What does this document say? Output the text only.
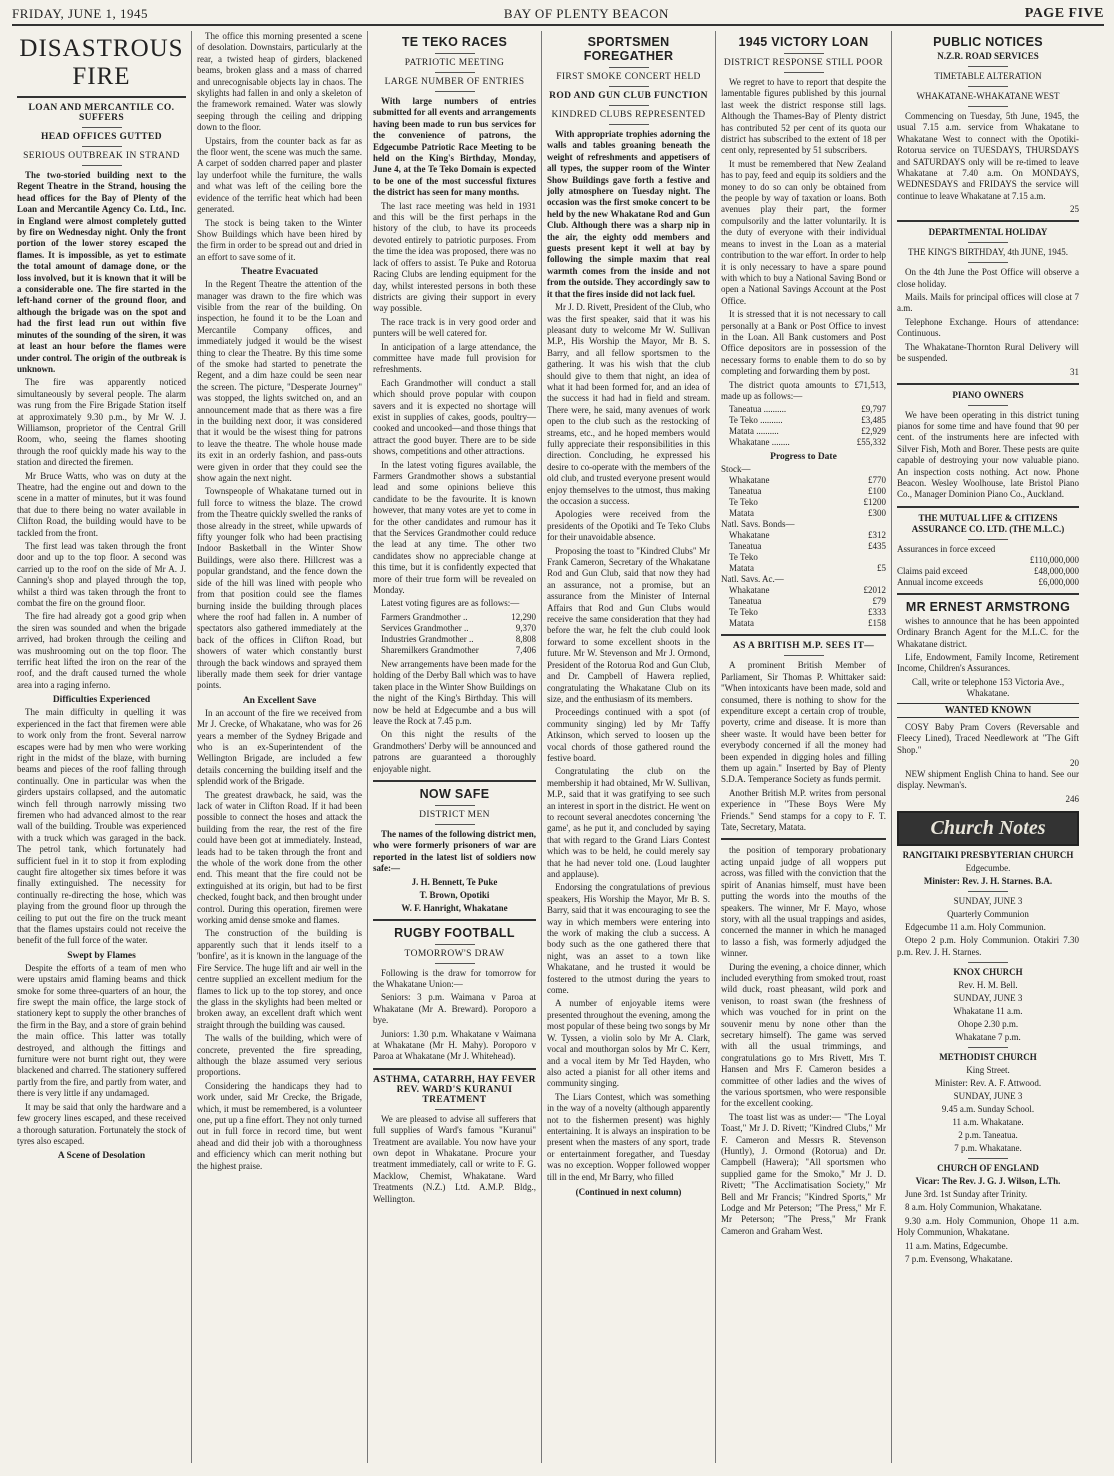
FRIDAY, JUNE 1, 1945	BAY OF PLENTY BEACON	PAGE FIVE
DISASTROUS FIRE
LOAN AND MERCANTILE CO. SUFFERS
HEAD OFFICES GUTTED
SERIOUS OUTBREAK IN STRAND

The two-storied building next to the Regent Theatre in the Strand, housing the head offices for the Bay of Plenty of the Loan and Mercantile Agency Co. Ltd., Inc. in England were almost completely gutted by fire on Wednesday night. Only the front portion of the lower storey escaped the flames. It is impossible, as yet to estimate the total amount of damage done, or the loss involved, but it is known that it will be a considerable one. The fire started in the left-hand corner of the ground floor, and although the brigade was on the spot and had the first lead run out within five minutes of the sounding of the siren, it was at least an hour before the flames were under control. The origin of the outbreak is unknown.

The fire was apparently noticed simultaneously by several people. The alarm was rung from the Fire Brigade Station itself at approximately 9.30 p.m., by Mr W. J. Williamson, proprietor of the Central Grill Room, who, seeing the flames shooting through the roof quickly made his way to the station and directed the firemen.

Mr Bruce Watts, who was on duty at the Theatre, had the engine out and down to the scene in a matter of minutes, but it was found that due to there being no water available in Clifton Road, the building would have to be tackled from the front.

The first lead was taken through the front door and up to the top floor. A second was carried up to the roof on the side of Mr A. J. Canning's shop and played through the top, whilst a third was taken through the front to combat the fire on the ground floor.

The fire had already got a good grip when the siren was sounded and when the brigade arrived, had broken through the ceiling and was mushrooming out on the top floor. The terrific heat lifted the iron on the rear of the roof, and the draft caused turned the whole area into a raging inferno.

Difficulties Experienced

The main difficulty in quelling it was experienced in the fact that firemen were able to work only from the front. Several narrow escapes were had by men who were working right in the midst of the blaze, with burning beams and pieces of the roof falling through continually. One in particular was when the girders upstairs collapsed, and the automatic winch fell through narrowly missing two firemen who had advanced almost to the rear wall of the building. Trouble was experienced with a truck which was garaged in the back. The petrol tank, which fortunately had sufficient fuel in it to stop it from exploding caught fire altogether six times before it was finally extinguished. The necessity for continually re-directing the hose, which was playing from the ground floor up through the ceiling to put out the fire on the truck meant that the flames upstairs could not receive the benefit of the full force of the water.

Swept by Flames

Despite the efforts of a team of men who were upstairs amid flaming beams and thick smoke for some three-quarters of an hour, the fire swept the main office, the large stock of stationery kept to supply the other branches of the firm in the Bay, and a store of grain behind the main office. This latter was totally destroyed, and although the fittings and furniture were not burnt right out, they were blackened and charred. The stationery suffered partly from the fire, and partly from water, and there is very little if any undamaged.

It may be said that only the hardware and a few grocery lines escaped, and these received a thorough saturation. Fortunately the stock of tyres also escaped.

A Scene of Desolation

The office this morning presented a scene of desolation. Downstairs, particularly at the rear, a twisted heap of girders, blackened beams, broken glass and a mass of charred and unrecognisable objects lay in chaos. The skylights had fallen in and only a skeleton of the framework remained. Water was slowly seeping through the ceiling and dripping down to the floor.

Upstairs, from the counter back as far as the floor went, the scene was much the same. A carpet of sodden charred paper and plaster lay underfoot while the furniture, the walls and what was left of the ceiling bore the evidence of the terrific heat which had been generated.

The stock is being taken to the Winter Show Buildings which have been hired by the firm in order to be spread out and dried in an effort to save some of it.

Theatre Evacuated

In the Regent Theatre the attention of the manager was drawn to the fire which was visible from the rear of the building. On inspection, he found it to be the Loan and Mercantile Company offices, and immediately judged it would be the wisest thing to clear the Theatre. By this time some of the smoke had started to penetrate the Regent, and a dim haze could be seen near the screen. The picture, "Desperate Journey" was stopped, the lights switched on, and an announcement made that as there was a fire in the building next door, it was considered that it would be the wisest thing for patrons to leave the theatre. The whole house made its exit in an orderly fashion, and pass-outs were given in order that they could see the show again the next night.

Townspeople of Whakatane turned out in full force to witness the blaze. The crowd from the Theatre quickly swelled the ranks of those already in the street, while upwards of fifty younger folk who had been practising Indoor Basketball in the Winter Show Buildings, were also there. Hillcrest was a popular grandstand, and the fence down the side of the hill was lined with people who from that position could see the flames burning inside the building through places where the roof had fallen in. A number of spectators also gathered immediately at the back of the offices in Clifton Road, but showers of water which constantly burst through the back windows and sprayed them liberally made them seek for drier vantage points.

An Excellent Save

In an account of the fire we received from Mr J. Crecke, of Whakatane, who was for 26 years a member of the Sydney Brigade and who is an ex-Superintendent of the Wellington Brigade, are included a few details concerning the building itself and the splendid work of the Brigade.

The greatest drawback, he said, was the lack of water in Clifton Road. If it had been possible to connect the hoses and attack the building from the rear, the rest of the fire could have been got at immediately. Instead, leads had to be taken through the front and the whole of the work done from the other end. This meant that the fire could not be extinguished at its origin, but had to be first checked, fought back, and then brought under control. During this operation, firemen were working amid dense smoke and flames.

The construction of the building is apparently such that it lends itself to a 'bonfire', as it is known in the language of the Fire Service. The huge lift and air well in the centre supplied an excellent medium for the flames to lick up to the top storey, and once the glass in the skylights had been melted or broken away, an excellent draft which went straight through the building was caused.

The walls of the building, which were of concrete, prevented the fire spreading, although the blaze assumed very serious proportions.

Considering the handicaps they had to work under, said Mr Crecke, the Brigade, which, it must be remembered, is a volunteer one, put up a fine effort. They not only turned out in full force in record time, but went ahead and did their job with a thoroughness and efficiency which can merit nothing but the highest praise.

TE TEKO RACES
PATRIOTIC MEETING
LARGE NUMBER OF ENTRIES

With large numbers of entries submitted for all events and arrangements having been made to run bus services for the convenience of patrons, the Edgecumbe Patriotic Race Meeting to be held on the King's Birthday, Monday, June 4, at the Te Teko Domain is expected to be one of the most successful fixtures the district has seen for many months.

The last race meeting was held in 1931 and this will be the first perhaps in the history of the club, to have its proceeds devoted entirely to patriotic purposes. From the time the idea was proposed, there was no lack of offers to assist. Te Puke and Rotorua Racing Clubs are lending equipment for the day, whilst interested persons in both these districts are giving their support in every way possible.

The race track is in very good order and punters will be well catered for.

In anticipation of a large attendance, the committee have made full provision for refreshments.

Each Grandmother will conduct a stall which should prove popular with coupon savers and it is expected no shortage will exist in supplies of cakes, goods, poultry—cooked and uncooked—and those things that attract the good buyer. There are to be side shows, competitions and other attractions.

In the latest voting figures available, the Farmers Grandmother shows a substantial lead and some opinions believe this candidate to be the favourite. It is known however, that many votes are yet to come in for the other candidates and rumour has it that the Services Grandmother could reduce the lead at any time. The other two candidates show no appreciable change at this time, but it is confidently expected that more of their true form will be revealed on Monday.

Latest voting figures are as follows:—

Farmers Grandmother ..	12,290
Services Grandmother ..	9,370
Industries Grandmother ..	8,808
Sharemilkers Grandmother	7,406

New arrangements have been made for the holding of the Derby Ball which was to have taken place in the Winter Show Buildings on the night of the King's Birthday. This will now be held at Edgecumbe and a bus will leave the Rock at 7.45 p.m.

On this night the results of the Grandmothers' Derby will be announced and patrons are guaranteed a thoroughly enjoyable night.

NOW SAFE
DISTRICT MEN

The names of the following district men, who were formerly prisoners of war are reported in the latest list of soldiers now safe:—

J. H. Bennett, Te Puke
T. Brown, Opotiki
W. F. Hanright, Whakatane
RUGBY FOOTBALL
TOMORROW'S DRAW

Following is the draw for tomorrow for the Whakatane Union:—

Seniors: 3 p.m. Waimana v Paroa at Whakatane (Mr A. Breward). Poroporo a bye.

Juniors: 1.30 p.m. Whakatane v Waimana at Whakatane (Mr H. Mahy). Poroporo v Paroa at Whakatane (Mr J. Whitehead).

ASTHMA, CATARRH, HAY FEVER REV. WARD'S KURANUI TREATMENT

We are pleased to advise all sufferers that full supplies of Ward's famous "Kuranui" Treatment are available. You now have your own depot in Whakatane. Procure your treatment immediately, call or write to F. G. Macklow, Chemist, Whakatane. Ward Treatments (N.Z.) Ltd. A.M.P. Bldg., Wellington.

SPORTSMEN FOREGATHER
FIRST SMOKE CONCERT HELD
ROD AND GUN CLUB FUNCTION
KINDRED CLUBS REPRESENTED

With appropriate trophies adorning the walls and tables groaning beneath the weight of refreshments and appetisers of all types, the supper room of the Winter Show Buildings gave forth a festive and jolly atmosphere on Tuesday night. The occasion was the first smoke concert to be held by the new Whakatane Rod and Gun Club. Although there was a sharp nip in the air, the eighty odd members and guests present kept it well at bay by following the simple maxim that real warmth comes from the inside and not from the outside. They accordingly saw to it that the fires inside did not lack fuel.

Mr J. D. Rivett, President of the Club, who was the first speaker, said that it was his pleasant duty to welcome Mr W. Sullivan M.P., His Worship the Mayor, Mr B. S. Barry, and all fellow sportsmen to the gathering. It was his wish that the club should give to them that night, an idea of what it had been formed for, and an idea of the success it had had in field and stream. There were, he said, many avenues of work open to the club such as the restocking of streams, etc., and he hoped members would fully appreciate their responsibilities in this direction. Concluding, he expressed his desire to co-operate with the members of the old club, and trusted everyone present would enjoy themselves to the utmost, thus making the occasion a success.

Apologies were received from the presidents of the Opotiki and Te Teko Clubs for their unavoidable absence.

Proposing the toast to "Kindred Clubs" Mr Frank Cameron, Secretary of the Whakatane Rod and Gun Club, said that now they had an assurance, not a promise, but an assurance from the Minister of Internal Affairs that Rod and Gun Clubs would receive the same consideration that they had before the war, he felt the club could look forward to some excellent shoots in the future. Mr W. Stevenson and Mr J. Ormond, President of the Rotorua Rod and Gun Club, and Dr. Campbell of Hawera replied, congratulating the Whakatane Club on its size, and the enthusiasm of its members.

Proceedings continued with a spot (of community singing) led by Mr Taffy Atkinson, which served to loosen up the vocal chords of those gathered round the festive board.

Congratulating the club on the membership it had obtained, Mr W. Sullivan, M.P., said that it was gratifying to see such an interest in sport in the district. He went on to recount several anecdotes concerning 'the game', as he put it, and concluded by saying that with regard to the Grand Liars Contest which was to be held, he could merely say that he had never told one. (Loud laughter and applause).

Endorsing the congratulations of previous speakers, His Worship the Mayor, Mr B. S. Barry, said that it was encouraging to see the way in which members were entering into the work of making the club a success. A body such as the one gathered there that night, was an asset to a town like Whakatane, and he trusted it would be fostered to the utmost during the years to come.

A number of enjoyable items were presented throughout the evening, among the most popular of these being two songs by Mr W. Tyssen, a violin solo by Mr A. Clark, vocal and mouthorgan solos by Mr C. Kerr, and a vocal item by Mr Ted Hayden, who also acted a pianist for all other items and community singing.

The Liars Contest, which was something in the way of a novelty (although apparently not to the fishermen present) was highly entertaining. It is always an inspiration to be present when the masters of any sport, trade or entertainment foregather, and Tuesday was no exception. Wopper followed wopper till in the end, Mr Barry, who filled

(Continued in next column)
1945 VICTORY LOAN
DISTRICT RESPONSE STILL POOR

We regret to have to report that despite the lamentable figures published by this journal last week the district response still lags. Although the Thames-Bay of Plenty district has contributed 52 per cent of its quota our district has subscribed to the extent of 18 per cent only, represented by 51 subscribers.

It must be remembered that New Zealand has to pay, feed and equip its soldiers and the money to do so can only be obtained from the people by way of taxation or loans. Both avenues play their part, the former compulsorily and the latter voluntarily. It is the duty of everyone with their individual means to invest in the Loan as a material contribution to the war effort. In order to help it is only necessary to have a spare pound with which to buy a National Saving Bond or open a National Savings Account at the Post Office.

It is stressed that it is not necessary to call personally at a Bank or Post Office to invest in the Loan. All Bank customers and Post Office depositors are in possession of the necessary forms to enable them to do so by completing and forwarding them by post.

The district quota amounts to £71,513, made up as follows:—

Taneatua ..........	£9,797
Te Teko ..........	£3,485
Matata ..........	£2,929
Whakatane ........	£55,332
Progress to Date
Stock—
Whakatane	£770
Taneatua	£100
Te Teko	£1200
Matata	£300
Natl. Savs. Bonds—
Whakatane	£312
Taneatua	£435
Te Teko
Matata	£5
Natl. Savs. Ac.—
Whakatane	£2012
Taneatua	£79
Te Teko	£333
Matata	£158
AS A BRITISH M.P. SEES IT—

A prominent British Member of Parliament, Sir Thomas P. Whittaker said: "When intoxicants have been made, sold and consumed, there is nothing to show for the expenditure except a certain crop of trouble, poverty, crime and disease. It is more than sheer waste. It would have been better for everybody concerned if all the money had been expended in digging holes and filling them up again." Inserted by Bay of Plenty S.D.A. Temperance Society as funds permit.

Another British M.P. writes from personal experience in "These Boys Were My Friends." Send stamps for a copy to F. T. Tate, Secretary, Matata.

the position of temporary probationary acting unpaid judge of all woppers put across, was filled with the conviction that the spirit of Ananias himself, must have been putting the words into the mouths of the speakers. The winner, Mr F. Mayo, whose story, with all the usual trappings and asides, concerned the manner in which he managed to lasso a fish, was formerly adjudged the winner.

During the evening, a choice dinner, which included everything from smoked trout, roast wild duck, roast pheasant, wild pork and venison, to roast swan (the freshness of which was vouched for in print on the souvenir menu by none other than the secretary himself). The game was served with all the usual trimmings, and congratulations go to Mrs Rivett, Mrs T. Hansen and Mrs F. Cameron besides a committee of other ladies and the wives of the various sportsmen, who were responsible for the excellent cooking.

The toast list was as under:— "The Loyal Toast," Mr J. D. Rivett; "Kindred Clubs," Mr F. Cameron and Messrs R. Stevenson (Huntly), J. Ormond (Rotorua) and Dr. Campbell (Hawera); "All sportsmen who supplied game for the Smoko," Mr J. D. Rivett; "The Acclimatisation Society," Mr Bell and Mr Francis; "Kindred Sports," Mr Lodge and Mr Peterson; "The Press," Mr F. Mr Peterson; "The Press," Mr Frank Cameron and Graham West.

PUBLIC NOTICES
N.Z.R. ROAD SERVICES
TIMETABLE ALTERATION
WHAKATANE-WHAKATANE WEST

Commencing on Tuesday, 5th June, 1945, the usual 7.15 a.m. service from Whakatane to Whakatane West to connect with the Opotiki-Rotorua service on TUESDAYS, THURSDAYS and SATURDAYS only will be re-timed to leave Whakatane at 7.40 a.m. On MONDAYS, WEDNESDAYS and FRIDAYS the service will continue to leave Whakatane at 7.15 a.m.

25
DEPARTMENTAL HOLIDAY
THE KING'S BIRTHDAY, 4th JUNE, 1945.

On the 4th June the Post Office will observe a close holiday.

Mails. Mails for principal offices will close at 7 a.m.

Telephone Exchange. Hours of attendance: Continuous.

The Whakatane-Thornton Rural Delivery will be suspended.

31
PIANO OWNERS

We have been operating in this district tuning pianos for some time and have found that 90 per cent. of the instruments here are infected with Silver Fish, Moth and Borer. These pests are quite capable of destroying your now valuable piano. An inspection costs nothing. Act now. Phone Beacon. Wesley Woolhouse, late Bristol Piano Co., Manager Dominion Piano Co., Auckland.

THE MUTUAL LIFE & CITIZENS ASSURANCE CO. LTD. (THE M.L.C.)
Assurances in force exceed
£110,000,000
Claims paid exceed	£48,000,000
Annual income exceeds	£6,000,000
MR ERNEST ARMSTRONG

wishes to announce that he has been appointed Ordinary Branch Agent for the M.L.C. for the Whakatane district.

Life, Endowment, Family Income, Retirement Income, Children's Assurances.

Call, write or telephone 153 Victoria Ave., Whakatane.
WANTED KNOWN

COSY Baby Pram Covers (Reversable and Fleecy Lined), Traced Needlework at "The Gift Shop."

20

NEW shipment English China to hand. See our display. Newman's.

246
Church Notes
RANGITAIKI PRESBYTERIAN CHURCH
Edgecumbe.
Minister: Rev. J. H. Starnes. B.A.
SUNDAY, JUNE 3
Quarterly Communion

Edgecumbe 11 a.m. Holy Communion.

Otepo 2 p.m. Holy Communion. Otakiri 7.30 p.m. Rev. J. H. Starnes.

KNOX CHURCH
Rev. H. M. Bell.
SUNDAY, JUNE 3
Whakatane 11 a.m.
Ohope 2.30 p.m.
Whakatane 7 p.m.
METHODIST CHURCH
King Street.
Minister: Rev. A. F. Attwood.
SUNDAY, JUNE 3
9.45 a.m. Sunday School.
11 a.m. Whakatane.
2 p.m. Taneatua.
7 p.m. Whakatane.
CHURCH OF ENGLAND
Vicar: The Rev. J. G. J. Wilson, L.Th.

June 3rd. 1st Sunday after Trinity.

8 a.m. Holy Communion, Whakatane.

9.30 a.m. Holy Communion, Ohope 11 a.m. Holy Communion, Whakatane.

11 a.m. Matins, Edgecumbe.

7 p.m. Evensong, Whakatane.
